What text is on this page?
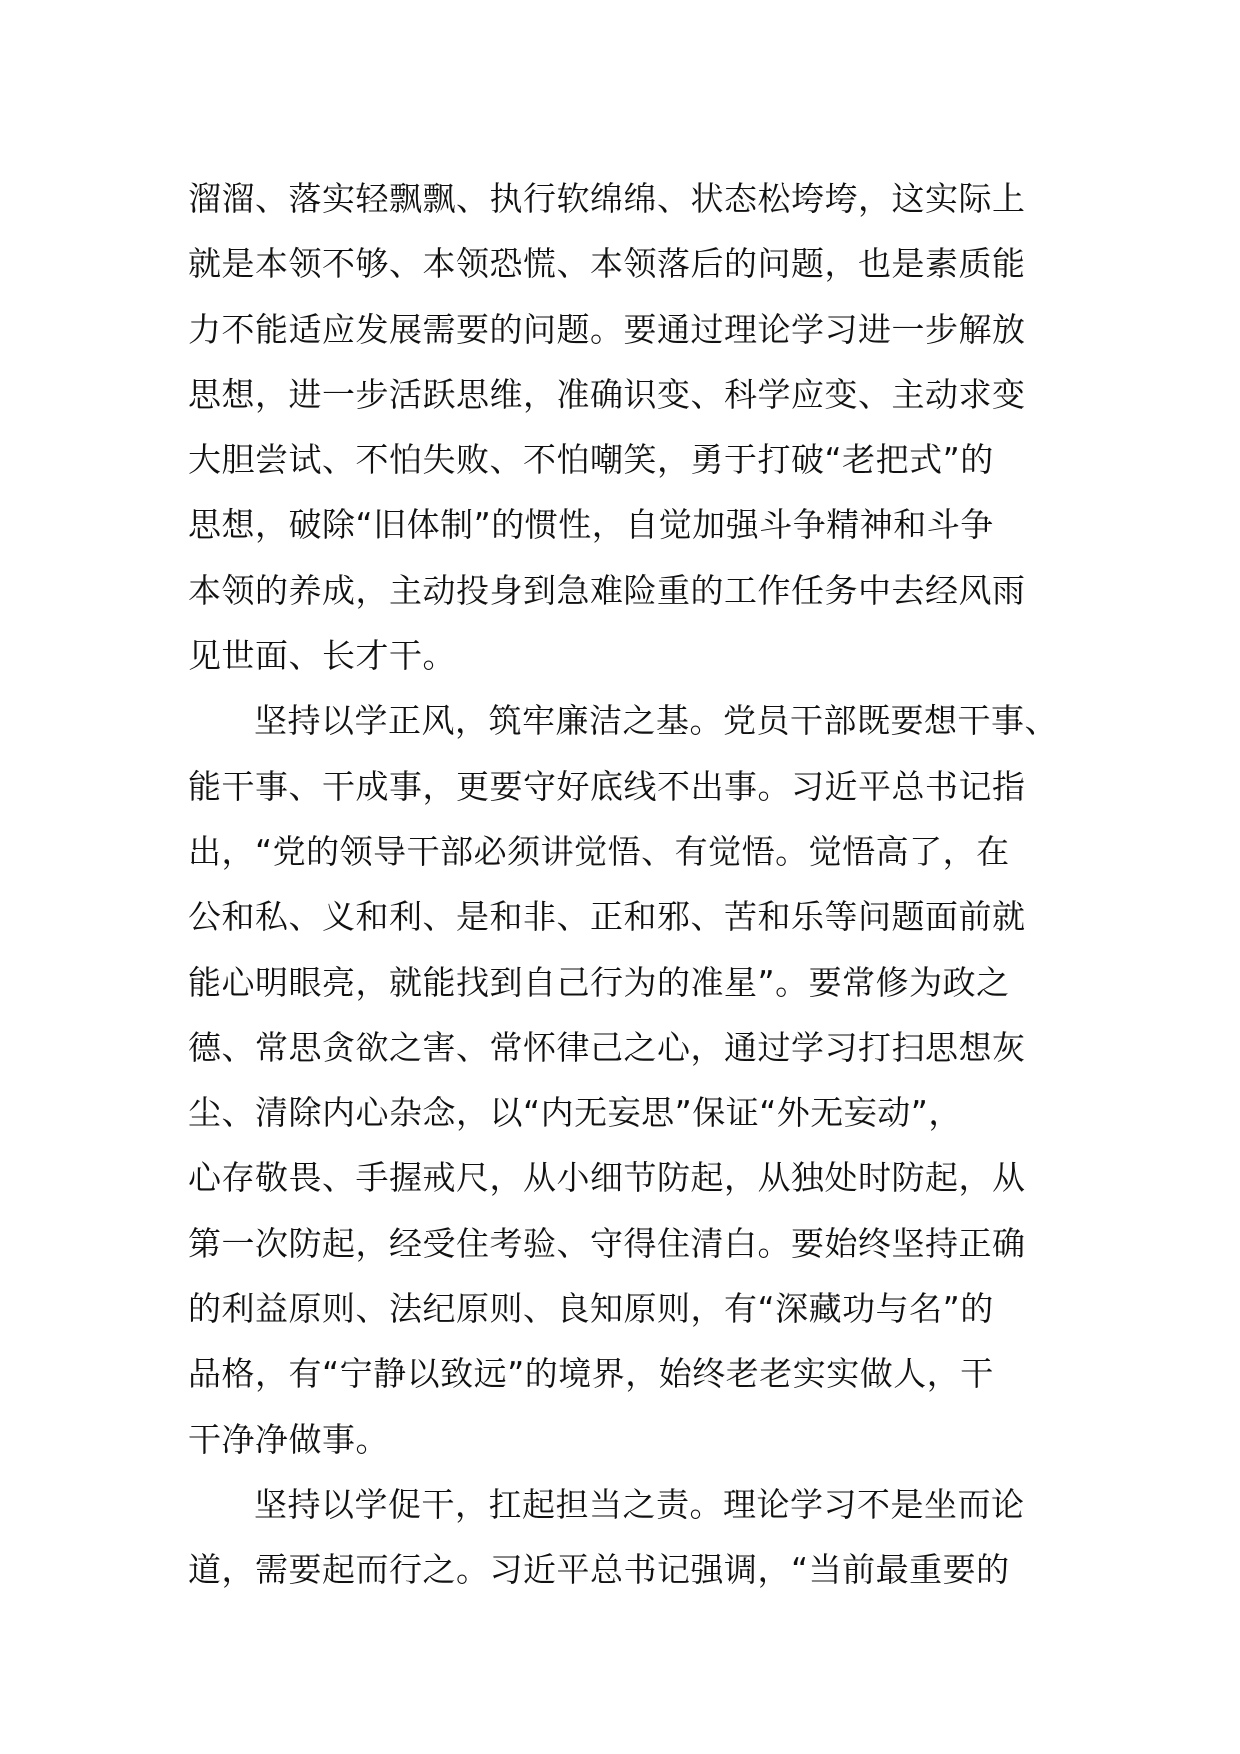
溜溜、落实轻飘飘、执行软绵绵、状态松垮垮，这实际上
就是本领不够、本领恐慌、本领落后的问题，也是素质能
力不能适应发展需要的问题。要通过理论学习进一步解放
思想，进一步活跃思维，准确识变、科学应变、主动求变
大胆尝试、不怕失败、不怕嘲笑，勇于打破“老把式”的
思想，破除“旧体制”的惯性，自觉加强斗争精神和斗争
本领的养成，主动投身到急难险重的工作任务中去经风雨
见世面、长才干。
坚持以学正风，筑牢廉洁之基。党员干部既要想干事、
能干事、干成事，更要守好底线不出事。习近平总书记指
出，“党的领导干部必须讲觉悟、有觉悟。觉悟高了，在
公和私、义和利、是和非、正和邪、苦和乐等问题面前就
能心明眼亮，就能找到自己行为的准星”。要常修为政之
德、常思贪欲之害、常怀律己之心，通过学习打扫思想灰
尘、清除内心杂念，以“内无妄思”保证“外无妄动”，
心存敬畏、手握戒尺，从小细节防起，从独处时防起，从
第一次防起，经受住考验、守得住清白。要始终坚持正确
的利益原则、法纪原则、良知原则，有“深藏功与名”的
品格，有“宁静以致远”的境界，始终老老实实做人，干
干净净做事。
坚持以学促干，扛起担当之责。理论学习不是坐而论
道，需要起而行之。习近平总书记强调，“当前最重要的
